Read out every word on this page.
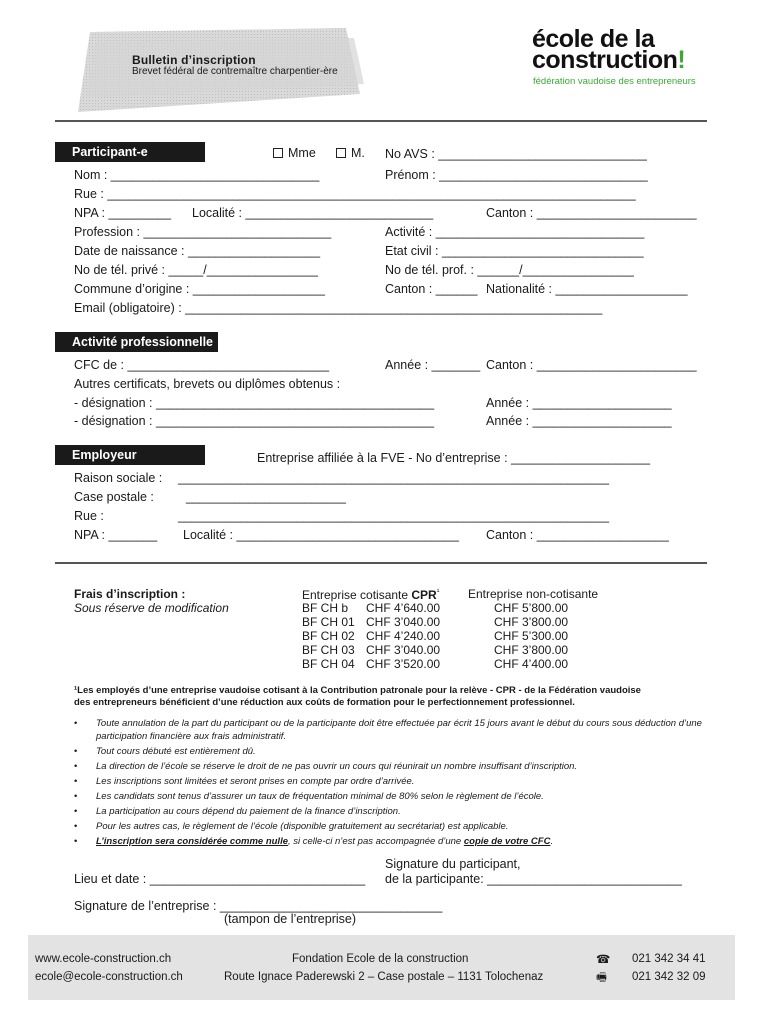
Bulletin d’inscription
Brevet fédéral de contremaître charpentier-ère
école de la
construction!
fédération vaudoise des entrepreneurs
Participant-e	Mme	M. No AVS : ______________________________
Nom : ______________________________	Prénom : ______________________________
Rue : ____________________________________________________________________________
NPA : _________ Localité : ___________________________	Canton : _______________________
Profession : ___________________________	Activité : ______________________________
Date de naissance : ___________________	Etat civil : _____________________________
No de tél. privé : _____/________________	No de tél. prof. : ______/________________
Commune d’origine : ___________________	Canton : ______ Nationalité : ___________________
Email (obligatoire) : ____________________________________________________________
Activité professionnelle
CFC de : _____________________________	Année : _______ Canton : _______________________
Autres certificats, brevets ou diplômes obtenus :
- désignation : ________________________________________	Année : ____________________
- désignation : ________________________________________	Année : ____________________
Employeur	Entreprise affiliée à la FVE - No d’entreprise : ____________________
Raison sociale : ______________________________________________________________
Case postale :	_______________________
Rue :	______________________________________________________________
NPA : _______ Localité : ________________________________ Canton : ___________________
Frais d’inscription :
Sous réserve de modification
Entreprise cotisante $CPR^{^1}$ Entreprise non-cotisante
BF CH b CHF 4’640.00	CHF 5’800.00
BF CH 01 CHF 3’040.00	CHF 3’800.00
BF CH 02 CHF 4’240.00	CHF 5’300.00
BF CH 03 CHF 3’040.00	CHF 3’800.00
BF CH 04 CHF 3’520.00	CHF 4’400.00
¹Les employés d’une entreprise vaudoise cotisant à la Contribution patronale pour la relève - CPR - de la Fédération vaudoise
des entrepreneurs bénéficient d’une réduction aux coûts de formation pour le perfectionnement professionnel.
• Toute annulation de la part du participant ou de la participante doit être effectuée par écrit 15 jours avant le début du cours sous déduction d’une participation financière aux frais administratif.
• Tout cours débuté est entièrement dû.
• La direction de l’école se réserve le droit de ne pas ouvrir un cours qui réunirait un nombre insuffisant d’inscription.
• Les inscriptions sont limitées et seront prises en compte par ordre d’arrivée.
• Les candidats sont tenus d’assurer un taux de fréquentation minimal de 80% selon le règlement de l’école.
• La participation au cours dépend du paiement de la finance d’inscription.
• Pour les autres cas, le règlement de l’école (disponible gratuitement au secrétariat) est applicable.
• L’inscription sera considérée comme nulle, si celle-ci n’est pas accompagnée d’une copie de votre CFC.
Signature du participant,
Lieu et date : _______________________________ de la participante: ____________________________
Signature de l’entreprise : ________________________________
(tampon de l’entreprise)
www.ecole-construction.ch
ecole@ecole-construction.ch
Fondation Ecole de la construction
Route Ignace Paderewski 2 – Case postale – 1131 Tolochenaz
☎
🖷
021 342 34 41
021 342 32 09
